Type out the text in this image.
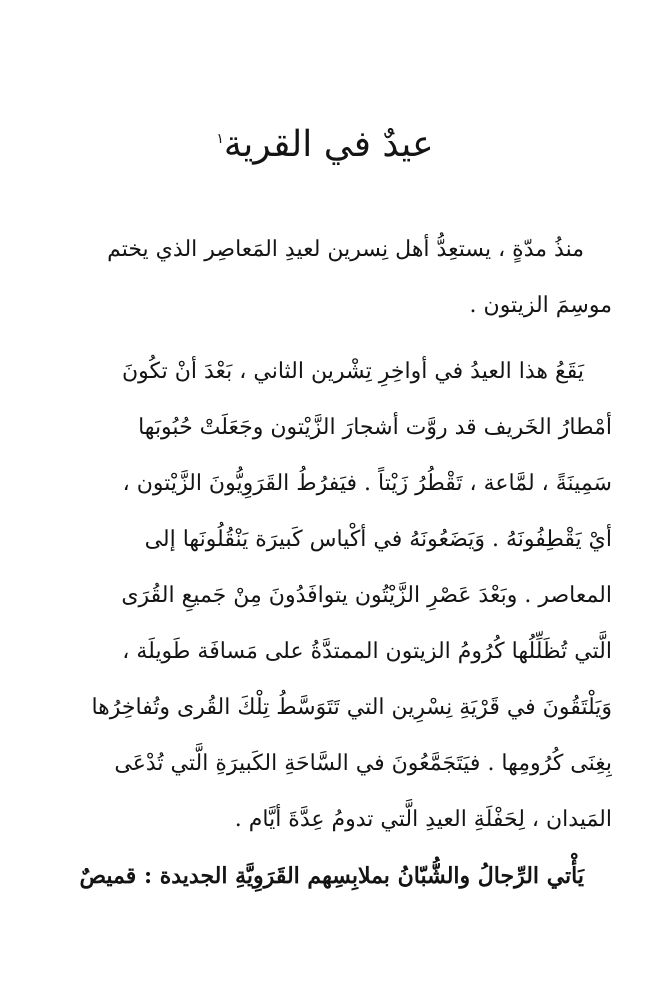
عيدٌ في القرية$^١$

منذُ مدّةٍ ، يستعِدُّ أهل نِسرين لعيدِ المَعاصِر الذي يختم
موسِمَ الزيتون .

يَقَعُ هذا العيدُ في أواخِرِ تِشْرين الثاني ، بَعْدَ أنْ تكُونَ
أمْطارُ الخَريف قد روَّت أشجارَ الزَّيْتون وجَعَلَتْ حُبُوبَها
سَمِينَةً ، لمَّاعة ، تَقْطُرُ زَيْتاً . فيَفرُطُ القَرَوِيُّونَ الزَّيْتون ،
أيْ يَقْطِفُونَهُ . وَيَضَعُونَهُ في أكْياس كَبيرَة يَنْقُلُونَها إلى
المعاصر . وبَعْدَ عَصْرِ الزَّيْتُون يتوافَدُونَ مِنْ جَميعِ القُرَى
الَّتي تُظَلِّلُها كُرُومُ الزيتون الممتدَّةُ على مَسافَة طَويلَة ،
وَيَلْتَقُونَ في قَرْيَةِ نِسْرِين التي تَتَوَسَّطُ تِلْكَ القُرى وتُفاخِرُها
بِغِنَى كُرُومِها . فيَتَجَمَّعُونَ في السَّاحَةِ الكَبيرَةِ الَّتي تُدْعَى
المَيدان ، لِحَفْلَةِ العيدِ الَّتي تدومُ عِدَّةَ أيَّام .

يَأْتي الرِّجالُ والشُّبّانُ بملابِسِهم القَرَوِيَّةِ الجديدة : قميصٌ
